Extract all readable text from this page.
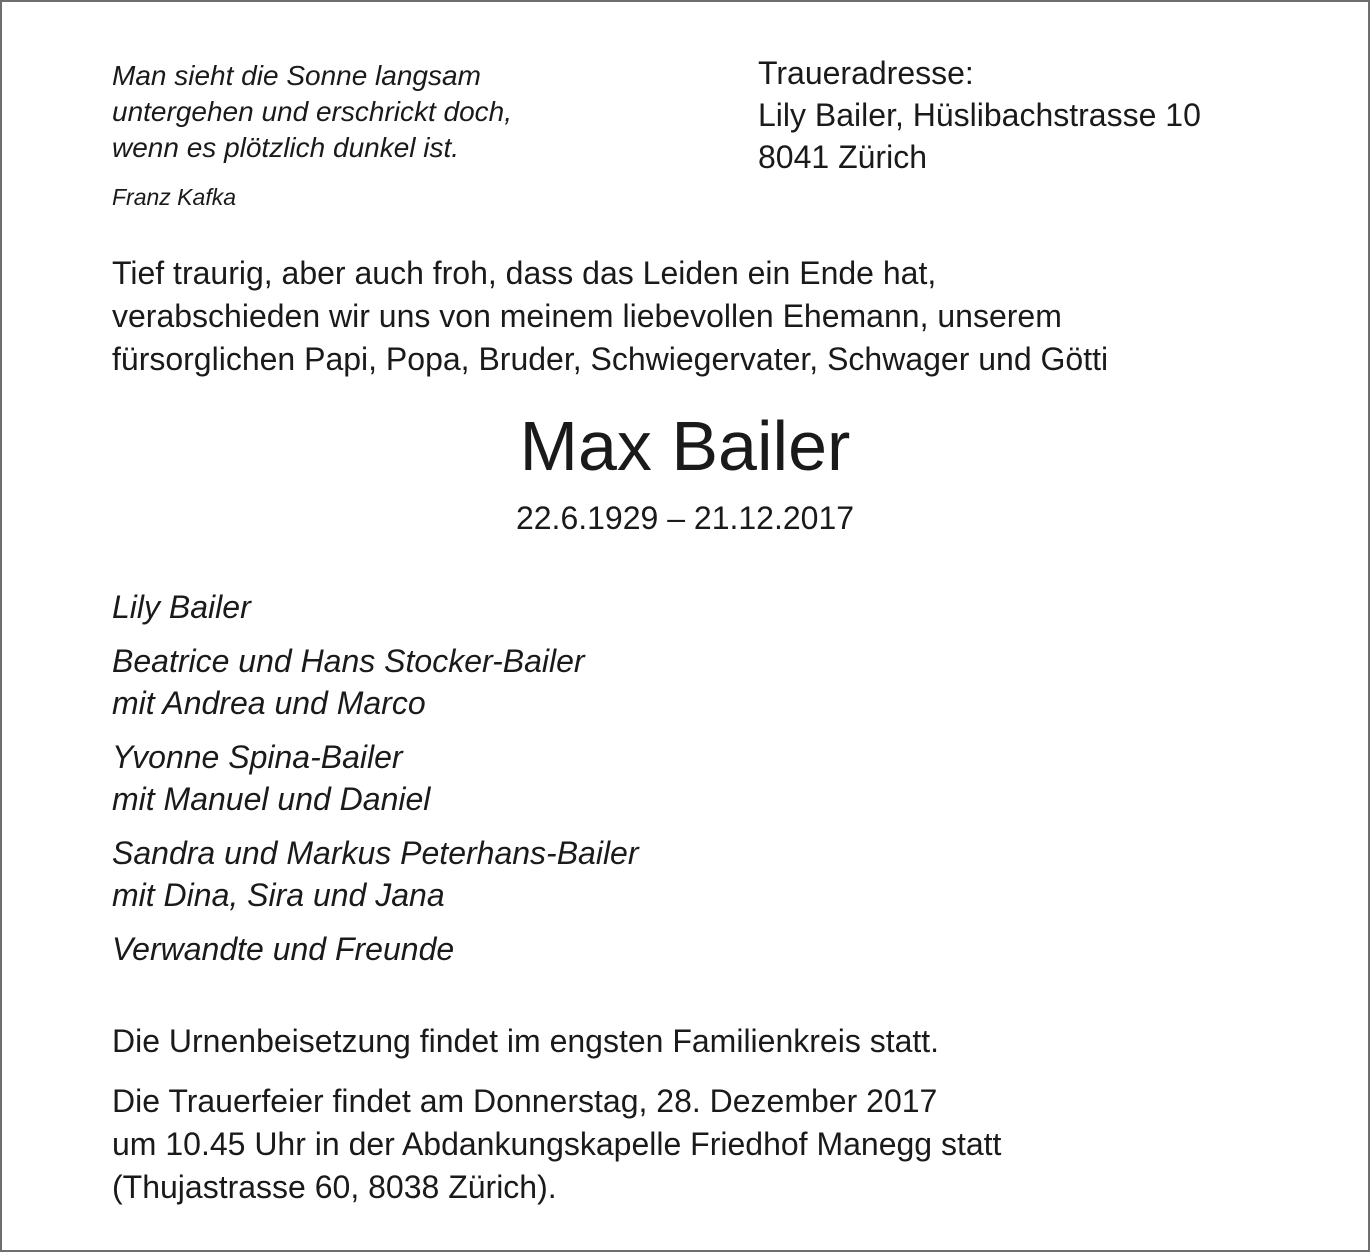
Man sieht die Sonne langsam
untergehen und erschrickt doch,
wenn es plötzlich dunkel ist.
Franz Kafka
Traueradresse:
Lily Bailer, Hüslibachstrasse 10
8041 Zürich
Tief traurig, aber auch froh, dass das Leiden ein Ende hat,
verabschieden wir uns von meinem liebevollen Ehemann, unserem
fürsorglichen Papi, Popa, Bruder, Schwiegervater, Schwager und Götti
Max Bailer
22.6.1929 – 21.12.2017
Lily Bailer
Beatrice und Hans Stocker-Bailer
mit Andrea und Marco
Yvonne Spina-Bailer
mit Manuel und Daniel
Sandra und Markus Peterhans-Bailer
mit Dina, Sira und Jana
Verwandte und Freunde
Die Urnenbeisetzung findet im engsten Familienkreis statt.
Die Trauerfeier findet am Donnerstag, 28. Dezember 2017
um 10.45 Uhr in der Abdankungskapelle Friedhof Manegg statt
(Thujastrasse 60, 8038 Zürich).
